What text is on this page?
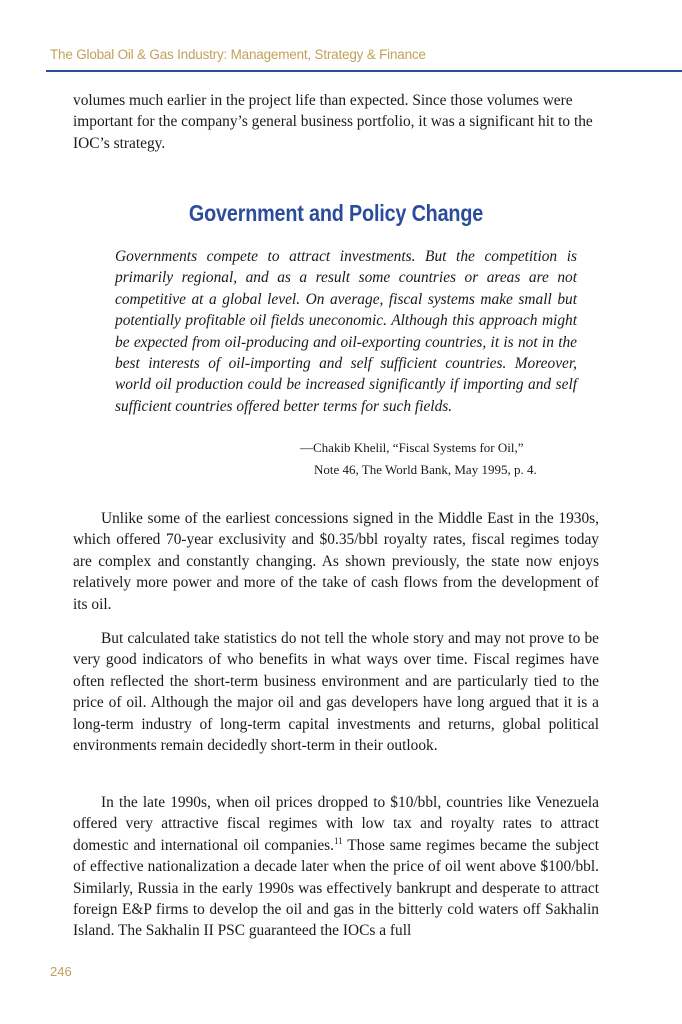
The Global Oil & Gas Industry: Management, Strategy & Finance

volumes much earlier in the project life than expected. Since those volumes were important for the company’s general business portfolio, it was a significant hit to the IOC’s strategy.

Government and Policy Change

Governments compete to attract investments. But the competition is primarily regional, and as a result some countries or areas are not competitive at a global level. On average, fiscal systems make small but potentially profitable oil fields uneconomic. Although this approach might be expected from oil-producing and oil-exporting countries, it is not in the best interests of oil-importing and self sufficient countries. Moreover, world oil production could be increased significantly if importing and self sufficient countries offered better terms for such fields.

—Chakib Khelil, “Fiscal Systems for Oil,”
Note 46, The World Bank, May 1995, p. 4.

Unlike some of the earliest concessions signed in the Middle East in the 1930s, which offered 70-year exclusivity and $0.35/bbl royalty rates, fiscal regimes today are complex and constantly changing. As shown previously, the state now enjoys relatively more power and more of the take of cash flows from the development of its oil.

But calculated take statistics do not tell the whole story and may not prove to be very good indicators of who benefits in what ways over time. Fiscal regimes have often reflected the short-term business environment and are particularly tied to the price of oil. Although the major oil and gas developers have long argued that it is a long-term industry of long-term capital investments and returns, global political environments remain decidedly short-term in their outlook.

In the late 1990s, when oil prices dropped to $10/bbl, countries like Venezuela offered very attractive fiscal regimes with low tax and royalty rates to attract domestic and international oil companies.$^{11}$ Those same regimes became the subject of effective nationalization a decade later when the price of oil went above $100/bbl. Similarly, Russia in the early 1990s was effectively bankrupt and desperate to attract foreign E&P firms to develop the oil and gas in the bitterly cold waters off Sakhalin Island. The Sakhalin II PSC guaranteed the IOCs a full

246
